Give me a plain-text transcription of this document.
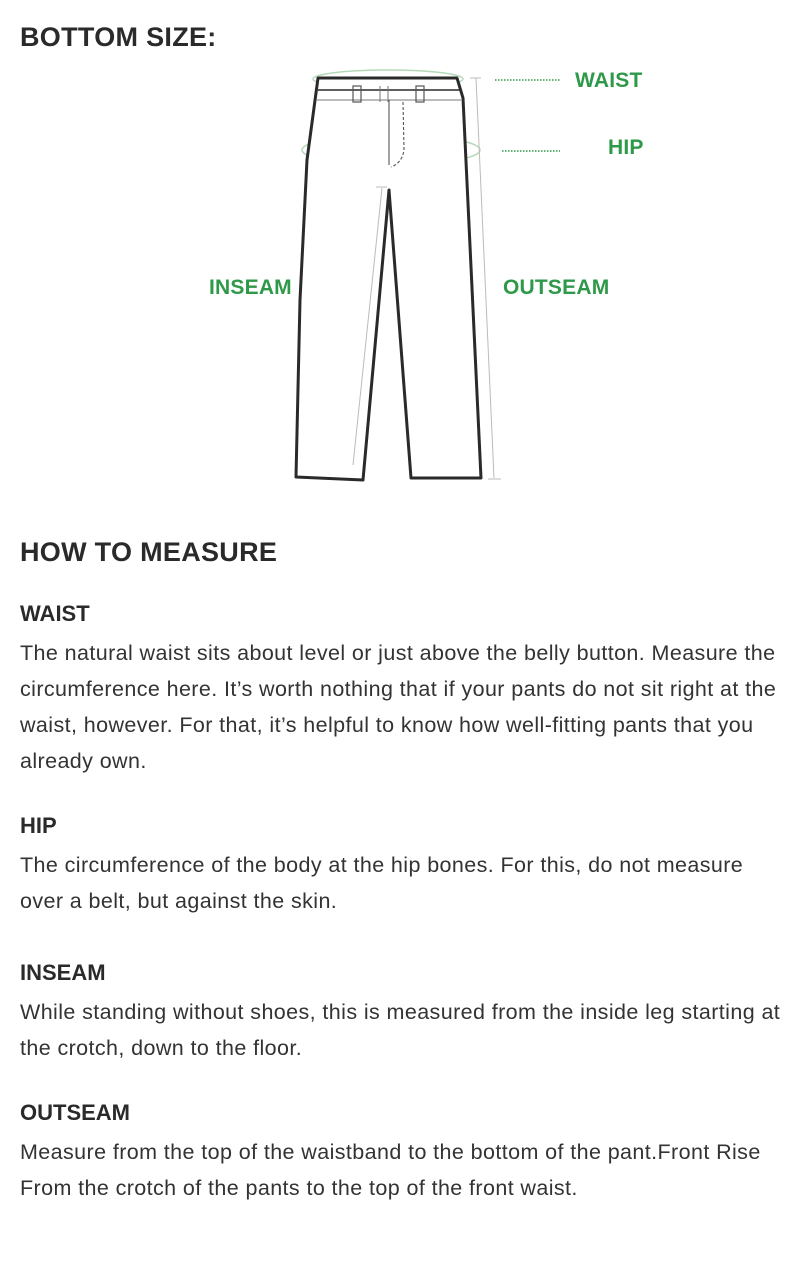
BOTTOM SIZE:
WAIST
HIP
INSEAM	OUTSEAM
HOW TO MEASURE
WAIST

The natural waist sits about level or just above the belly button. Measure the circumference here. It’s worth nothing that if your pants do not sit right at the waist, however. For that, it’s helpful to know how well-fitting pants that you already own.

HIP

The circumference of the body at the hip bones. For this, do not measure over a belt, but against the skin.

INSEAM

While standing without shoes, this is measured from the inside leg starting at the crotch, down to the floor.

OUTSEAM

Measure from the top of the waistband to the bottom of the pant.Front Rise From the crotch of the pants to the top of the front waist.
